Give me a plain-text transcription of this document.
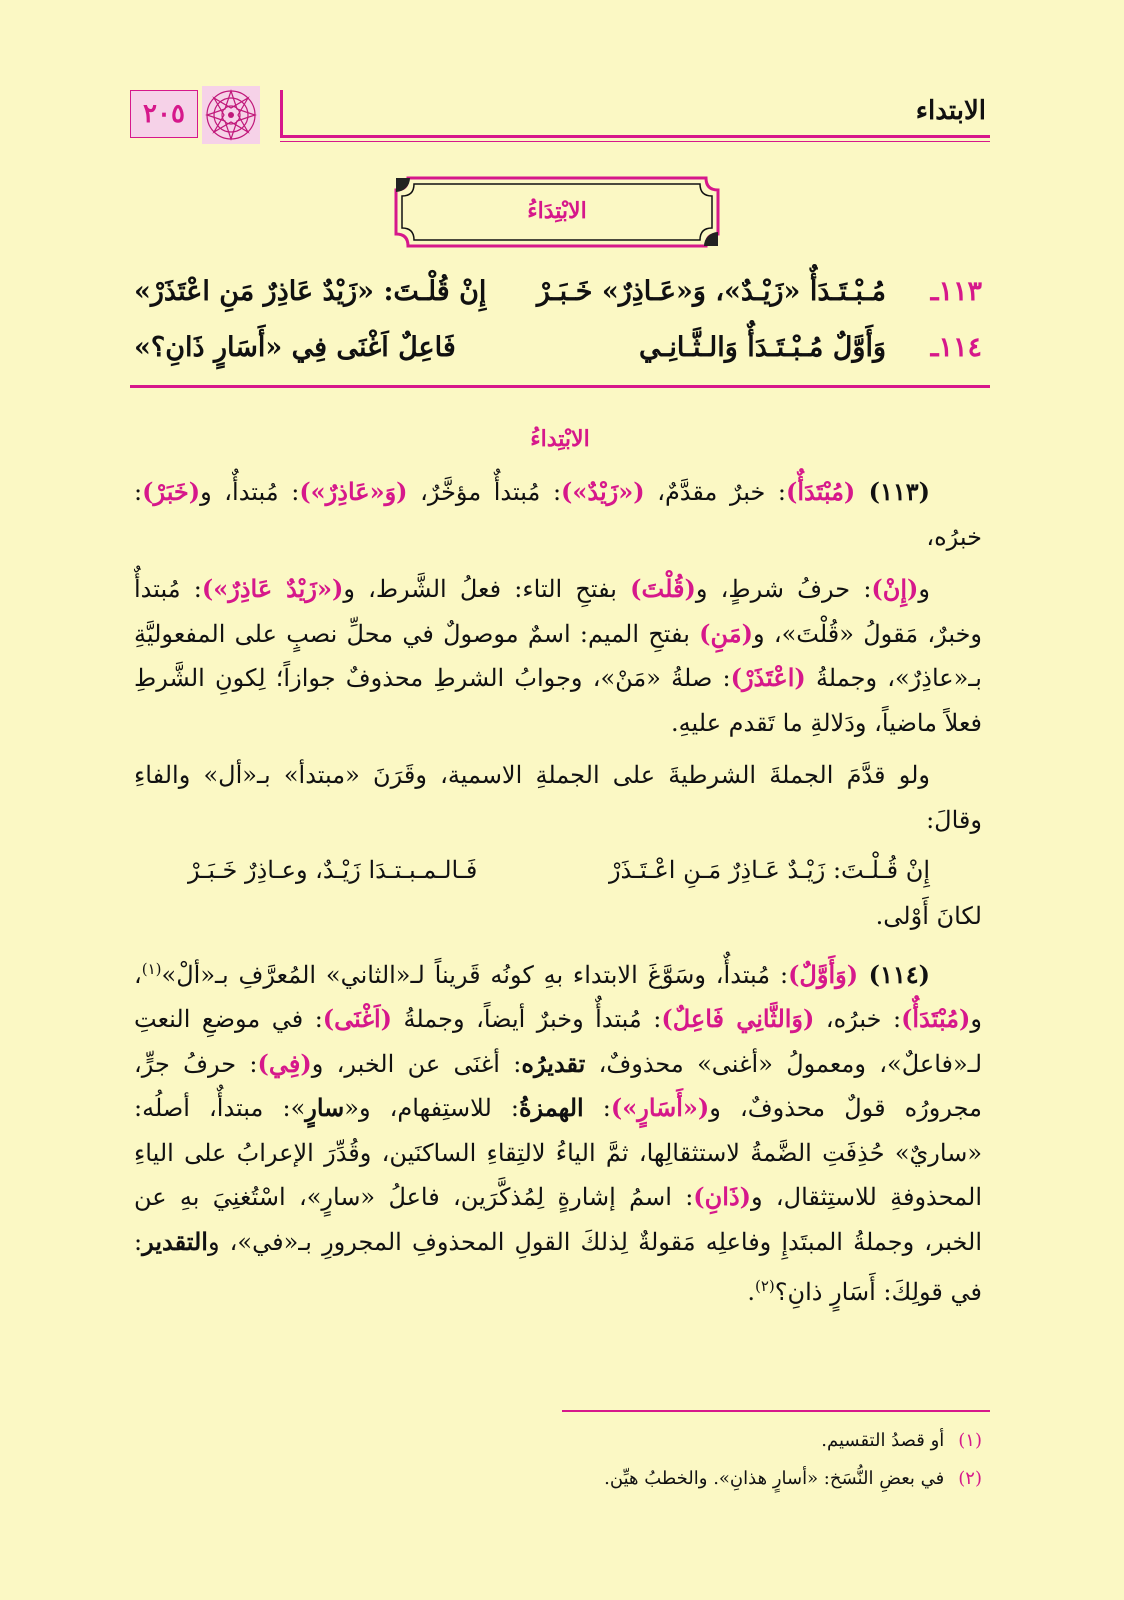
الابتداء
٢٠٥
الابْتِدَاءُ
١١٣ـ
مُـبْـتَـدَأٌ «زَيْـدٌ»، وَ«عَـاذِرٌ» خَـبَـرْ
إِنْ قُلْـتَ: «زَيْدٌ عَاذِرٌ مَنِ اعْتَذَرْ»
١١٤ـ
وَأَوَّلٌ مُـبْـتَـدَأٌ وَالـثَّـانِـي
فَاعِلٌ اَغْنَى فِي «أَسَارٍ ذَانِ؟»
الابْتِداءُ

(١١٣) (مُبْتَدَأٌ): خبرٌ مقدَّمٌ، («زَيْدٌ»): مُبتدأٌ مؤخَّرٌ، (وَ«عَاذِرٌ»): مُبتدأٌ، و(خَبَرْ): خبرُه،

و(إِنْ): حرفُ شرطٍ، و(قُلْتَ) بفتحِ التاء: فعلُ الشَّرط، و(«زَيْدٌ عَاذِرٌ»): مُبتدأٌ وخبرٌ، مَقولُ «قُلْتَ»، و(مَنِ) بفتحِ الميم: اسمٌ موصولٌ في محلِّ نصبٍ على المفعوليَّةِ بـ«عاذِرٌ»، وجملةُ (اعْتَذَرْ): صلةُ «مَنْ»، وجوابُ الشرطِ محذوفٌ جوازاً؛ لِكونِ الشَّرطِ فعلاً ماضياً، ودَلالةِ ما تَقدم عليهِ.

ولو قدَّمَ الجملةَ الشرطيةَ على الجملةِ الاسمية، وقَرَنَ «مبتدأ» بـ«أل» والفاءِ وقالَ:

إِنْ قُـلْـتَ: زَيْـدٌ عَـاذِرٌ مَـنِ اعْـتَـذَرْ
فَـالـمـبـتـدَا زَيْـدٌ، وعـاذِرٌ خَـبَـرْ

لكانَ أَوْلى.

(١١٤) (وَأَوَّلٌ): مُبتدأٌ، وسَوَّغَ الابتداء بهِ كونُه قَريناً لـ«الثاني» المُعرَّفِ بـ«ألْ»$^{(١)}$، و(مُبْتَدَأٌ): خبرُه، (وَالثَّانِي فَاعِلٌ): مُبتدأٌ وخبرٌ أيضاً، وجملةُ (اَغْنَى): في موضعِ النعتِ لـ«فاعلٌ»، ومعمولُ «أغنى» محذوفٌ، تقديرُه: أغنَى عن الخبر، و(فِي): حرفُ جرٍّ، مجرورُه قولٌ محذوفٌ، و(«أَسَارٍ»): الهمزةُ: للاستِفهام، و«سارٍ»: مبتدأٌ، أصلُه: «ساريٌ» حُذِفَتِ الضَّمةُ لاستثقالِها، ثمَّ الياءُ لالتِقاءِ الساكنَين، وقُدِّرَ الإعرابُ على الياءِ المحذوفةِ للاستِثقال، و(ذَانِ): اسمُ إشارةٍ لِمُذكَّرَين، فاعلُ «سارٍ»، اسْتُغنِيَ بهِ عن الخبر، وجملةُ المبتَدإِ وفاعلِه مَقولةٌ لِذلكَ القولِ المحذوفِ المجرورِ بـ«في»، والتقدير: في قولِكَ: أَسَارٍ ذانِ؟$^{(٢)}$.

(١)أو قصدُ التقسيم.
(٢)في بعضِ النُّسَخ: «أسارٍ هذانِ». والخطبُ هيِّن.
